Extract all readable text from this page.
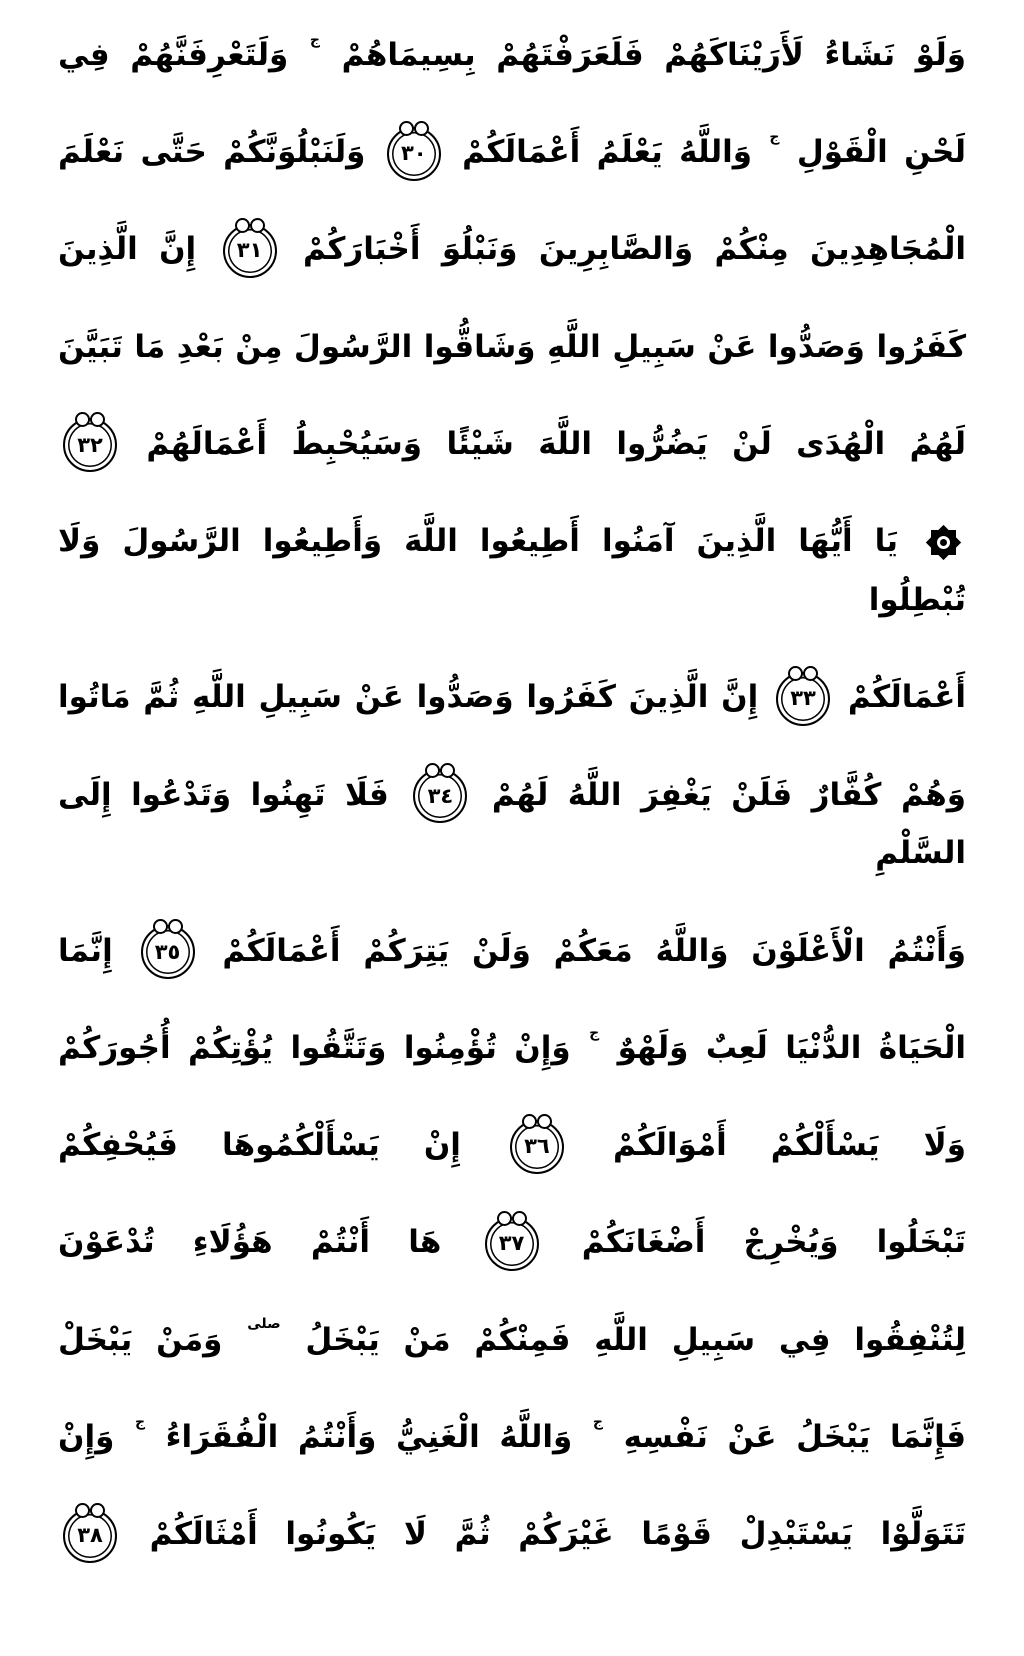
وَلَوْ نَشَاءُ لَأَرَيْنَاكَهُمْ فَلَعَرَفْتَهُمْ بِسِيمَاهُمْ ج وَلَتَعْرِفَنَّهُمْ فِي
لَحْنِ الْقَوْلِ ج وَاللَّهُ يَعْلَمُ أَعْمَالَكُمْ
٣٠
وَلَنَبْلُوَنَّكُمْ حَتَّى نَعْلَمَ
الْمُجَاهِدِينَ مِنْكُمْ وَالصَّابِرِينَ وَنَبْلُوَ أَخْبَارَكُمْ
٣١
إِنَّ الَّذِينَ
كَفَرُوا وَصَدُّوا عَنْ سَبِيلِ اللَّهِ وَشَاقُّوا الرَّسُولَ مِنْ بَعْدِ مَا تَبَيَّنَ
لَهُمُ الْهُدَى لَنْ يَضُرُّوا اللَّهَ شَيْئًا وَسَيُحْبِطُ أَعْمَالَهُمْ
٣٢
يَا أَيُّهَا الَّذِينَ آمَنُوا أَطِيعُوا اللَّهَ وَأَطِيعُوا الرَّسُولَ وَلَا تُبْطِلُوا
أَعْمَالَكُمْ
٣٣
إِنَّ الَّذِينَ كَفَرُوا وَصَدُّوا عَنْ سَبِيلِ اللَّهِ ثُمَّ مَاتُوا
وَهُمْ كُفَّارٌ فَلَنْ يَغْفِرَ اللَّهُ لَهُمْ
٣٤
فَلَا تَهِنُوا وَتَدْعُوا إِلَى السَّلْمِ
وَأَنْتُمُ الْأَعْلَوْنَ وَاللَّهُ مَعَكُمْ وَلَنْ يَتِرَكُمْ أَعْمَالَكُمْ
٣٥
إِنَّمَا
الْحَيَاةُ الدُّنْيَا لَعِبٌ وَلَهْوٌ ج وَإِنْ تُؤْمِنُوا وَتَتَّقُوا يُؤْتِكُمْ أُجُورَكُمْ
وَلَا يَسْأَلْكُمْ أَمْوَالَكُمْ
٣٦
إِنْ يَسْأَلْكُمُوهَا فَيُحْفِكُمْ
تَبْخَلُوا وَيُخْرِجْ أَضْغَانَكُمْ
٣٧
هَا أَنْتُمْ هَؤُلَاءِ تُدْعَوْنَ
لِتُنْفِقُوا فِي سَبِيلِ اللَّهِ فَمِنْكُمْ مَنْ يَبْخَلُ صلى وَمَنْ يَبْخَلْ
فَإِنَّمَا يَبْخَلُ عَنْ نَفْسِهِ ج وَاللَّهُ الْغَنِيُّ وَأَنْتُمُ الْفُقَرَاءُ ج وَإِنْ
تَتَوَلَّوْا يَسْتَبْدِلْ قَوْمًا غَيْرَكُمْ ثُمَّ لَا يَكُونُوا أَمْثَالَكُمْ
٣٨
